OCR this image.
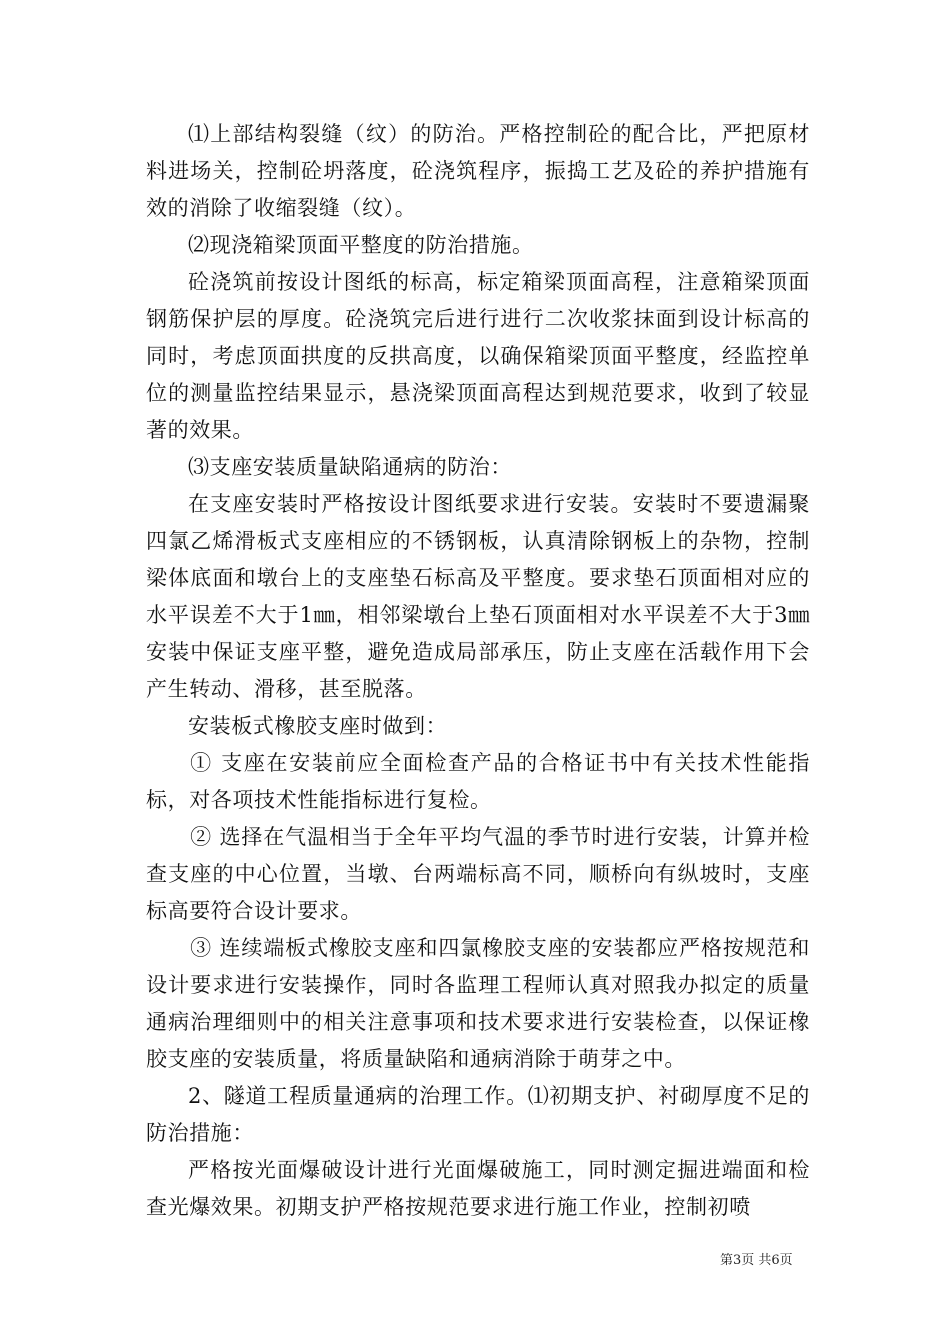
⑴上部结构裂缝（纹）的防治。严格控制砼的配合比，严把原材料进场关，控制砼坍落度，砼浇筑程序，振捣工艺及砼的养护措施有效的消除了收缩裂缝（纹）。

⑵现浇箱梁顶面平整度的防治措施。

砼浇筑前按设计图纸的标高，标定箱梁顶面高程，注意箱梁顶面钢筋保护层的厚度。砼浇筑完后进行进行二次收浆抹面到设计标高的同时，考虑顶面拱度的反拱高度，以确保箱梁顶面平整度，经监控单位的测量监控结果显示，悬浇梁顶面高程达到规范要求，收到了较显著的效果。

⑶支座安装质量缺陷通病的防治：

在支座安装时严格按设计图纸要求进行安装。安装时不要遗漏聚四氯乙烯滑板式支座相应的不锈钢板，认真清除钢板上的杂物，控制梁体底面和墩台上的支座垫石标高及平整度。要求垫石顶面相对应的水平误差不大于1㎜，相邻梁墩台上垫石顶面相对水平误差不大于3㎜安装中保证支座平整，避免造成局部承压，防止支座在活载作用下会产生转动、滑移，甚至脱落。

安装板式橡胶支座时做到：

① 支座在安装前应全面检查产品的合格证书中有关技术性能指标，对各项技术性能指标进行复检。

② 选择在气温相当于全年平均气温的季节时进行安装，计算并检查支座的中心位置，当墩、台两端标高不同，顺桥向有纵坡时，支座标高要符合设计要求。

③ 连续端板式橡胶支座和四氯橡胶支座的安装都应严格按规范和设计要求进行安装操作，同时各监理工程师认真对照我办拟定的质量通病治理细则中的相关注意事项和技术要求进行安装检查，以保证橡胶支座的安装质量，将质量缺陷和通病消除于萌芽之中。

2、隧道工程质量通病的治理工作。⑴初期支护、衬砌厚度不足的防治措施：

严格按光面爆破设计进行光面爆破施工，同时测定掘进端面和检查光爆效果。初期支护严格按规范要求进行施工作业，控制初喷

第3页 共6页
